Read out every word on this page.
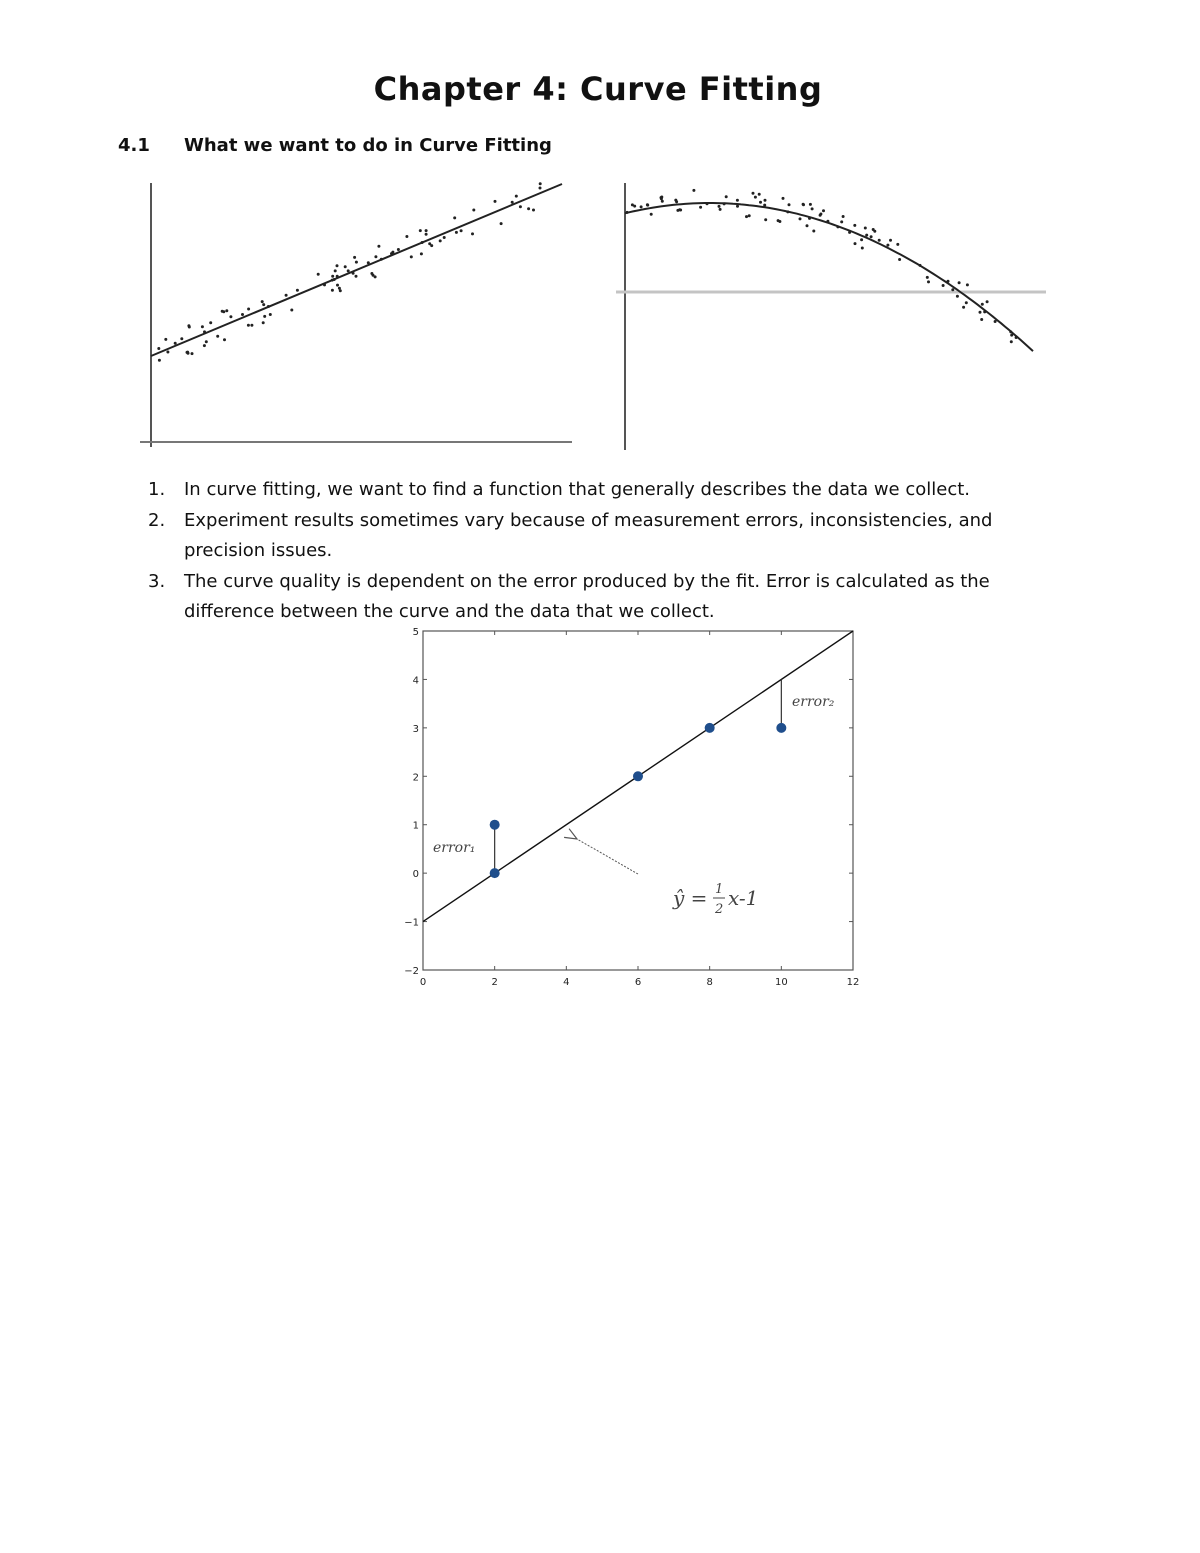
Chapter 4: Curve Fitting
4.1 What we want to do in Curve Fitting
1. In curve fitting, we want to find a function that generally describes the data we collect.
2. Experiment results sometimes vary because of measurement errors, inconsistencies, and precision issues.
3. The curve quality is dependent on the error produced by the fit. Error is calculated as the difference between the curve and the data that we collect.
0	2	4	6	8	10	12
−2
−1
0
1
2
3
4
5
error₁
error₂
ŷ = 1
2 x-1
